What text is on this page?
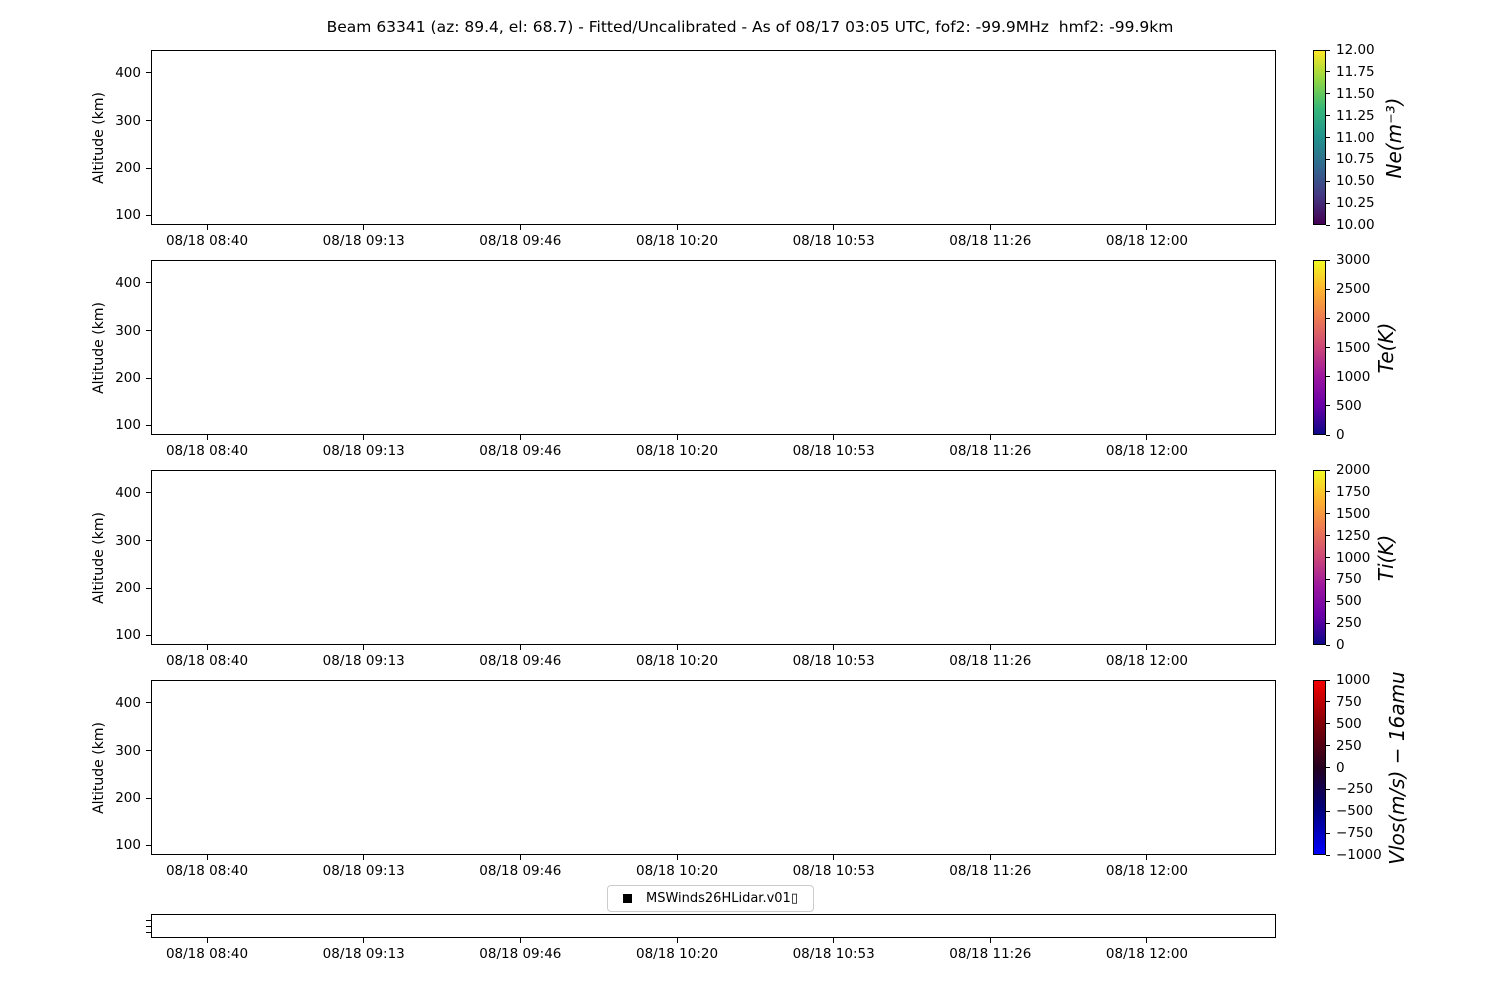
Beam 63341 (az: 89.4, el: 68.7) - Fitted/Uncalibrated - As of 08/17 03:05 UTC, fof2: -99.9MHz  hmf2: -99.9km
MSWinds26HLidar.v01▯
Altitude (km)
400
300
200
100
08/18 08:40	08/18 09:13	08/18 09:46	08/18 10:20	08/18 10:53	08/18 11:26	08/18 12:00
12.00
11.75
11.50
11.25
11.00
10.75
10.50
10.25
10.00
Ne(m⁻³)
Altitude (km)
400
300
200
100
08/18 08:40	08/18 09:13	08/18 09:46	08/18 10:20	08/18 10:53	08/18 11:26	08/18 12:00
3000
2500
2000
1500
1000
500
0
Te(K)
Altitude (km)
400
300
200
100
08/18 08:40	08/18 09:13	08/18 09:46	08/18 10:20	08/18 10:53	08/18 11:26	08/18 12:00
2000
1750
1500
1250
1000
750
500
250
0
Ti(K)
Altitude (km)
400
300
200
100
08/18 08:40	08/18 09:13	08/18 09:46	08/18 10:20	08/18 10:53	08/18 11:26	08/18 12:00
1000
750
500
250
0
−250
−500
−750
−1000 Vlos(m/s) − 16amu
08/18 08:40	08/18 09:13	08/18 09:46	08/18 10:20	08/18 10:53	08/18 11:26	08/18 12:00
